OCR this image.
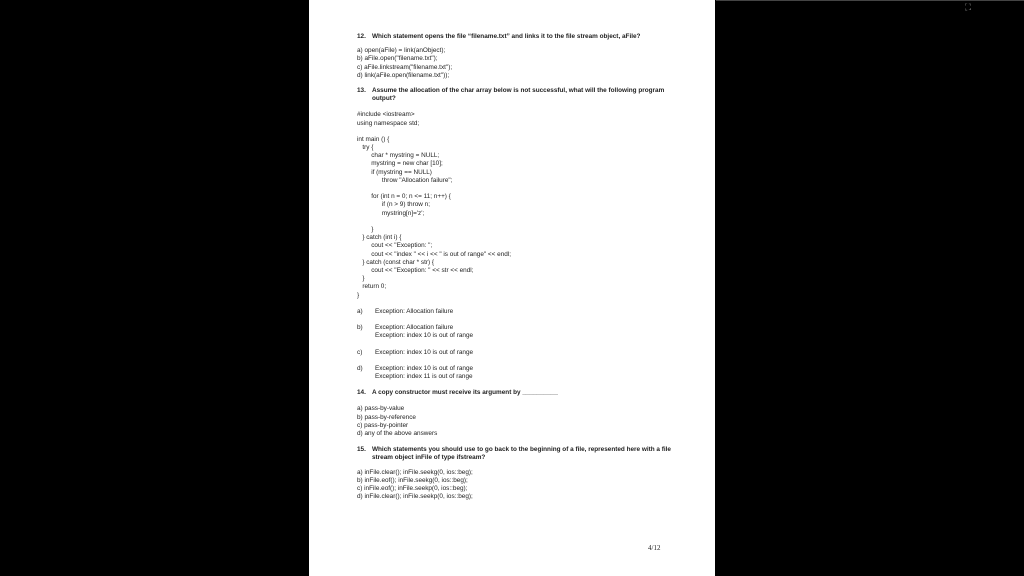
⛶
12. Which statement opens the file “filename.txt” and links it to the file stream object, aFile?
a) open(aFile) = link(anObject);
b) aFile.open("filename.txt");
c) aFile.linkstream("filename.txt");
d) link(aFile.open(filename.txt"));
13. Assume the allocation of the char array below is not successful, what will the following program output?
#include <iostream>
using namespace std;
int main () {
try {
char * mystring = NULL;
mystring = new char [10];
if (mystring == NULL)
throw "Allocation failure";

for (int n = 0; n <= 11; n++) {
if (n > 9) throw n;
mystring[n]='z';

}
} catch (int i) {
cout << "Exception: ";
cout << "index " << i << " is out of range" << endl;
} catch (const char * str) {
cout << "Exception: " << str << endl;
}
return 0;
}
a)	Exception: Allocation failure
b)	Exception: Allocation failure
Exception: index 10 is out of range
c)	Exception: index 10 is out of range
d)	Exception: index 10 is out of range
Exception: index 11 is out of range
14. A copy constructor must receive its argument by __________
a) pass-by-value
b) pass-by-reference
c) pass-by-pointer
d) any of the above answers
15. Which statements you should use to go back to the beginning of a file, represented here with a file stream object inFile of type ifstream?
a) inFile.clear(); inFile.seekg(0, ios::beg);
b) inFile.eof(); inFile.seekg(0, ios::beg);
c) inFile.eof(); inFile.seekp(0, ios::beg);
d) inFile.clear(); inFile.seekp(0, ios::beg);
4/12
